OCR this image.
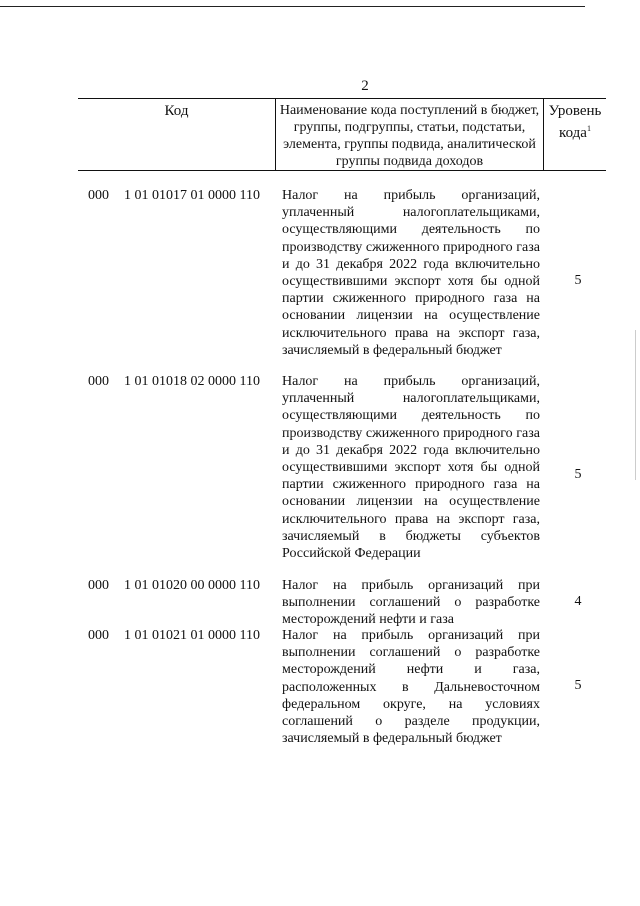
2
Код	Наименование кода поступлений в бюджет, группы, подгруппы, статьи, подстатьи, элемента, группы подвида, аналитической группы подвида доходов
Уровень кода$^1$
000 1 01 01017 01 0000 110 Налог на прибыль организаций, уплаченный налогоплательщиками, осуществляющими деятельность по производству сжиженного природного газа и до 31 декабря 2022 года включительно осуществившими экспорт хотя бы одной партии сжиженного природного газа на основании лицензии на осуществление исключительного права на экспорт газа, зачисляемый в федеральный бюджет
5
000 1 01 01018 02 0000 110 Налог на прибыль организаций, уплаченный налогоплательщиками, осуществляющими деятельность по производству сжиженного природного газа и до 31 декабря 2022 года включительно осуществившими экспорт хотя бы одной партии сжиженного природного газа на основании лицензии на осуществление исключительного права на экспорт газа, зачисляемый в бюджеты субъектов Российской Федерации
5
000 1 01 01020 00 0000 110 Налог на прибыль организаций при выполнении соглашений о разработке месторождений нефти и газа
4
000 1 01 01021 01 0000 110 Налог на прибыль организаций при выполнении соглашений о разработке месторождений нефти и газа, расположенных в Дальневосточном федеральном округе, на условиях соглашений о разделе продукции, зачисляемый в федеральный бюджет
5
